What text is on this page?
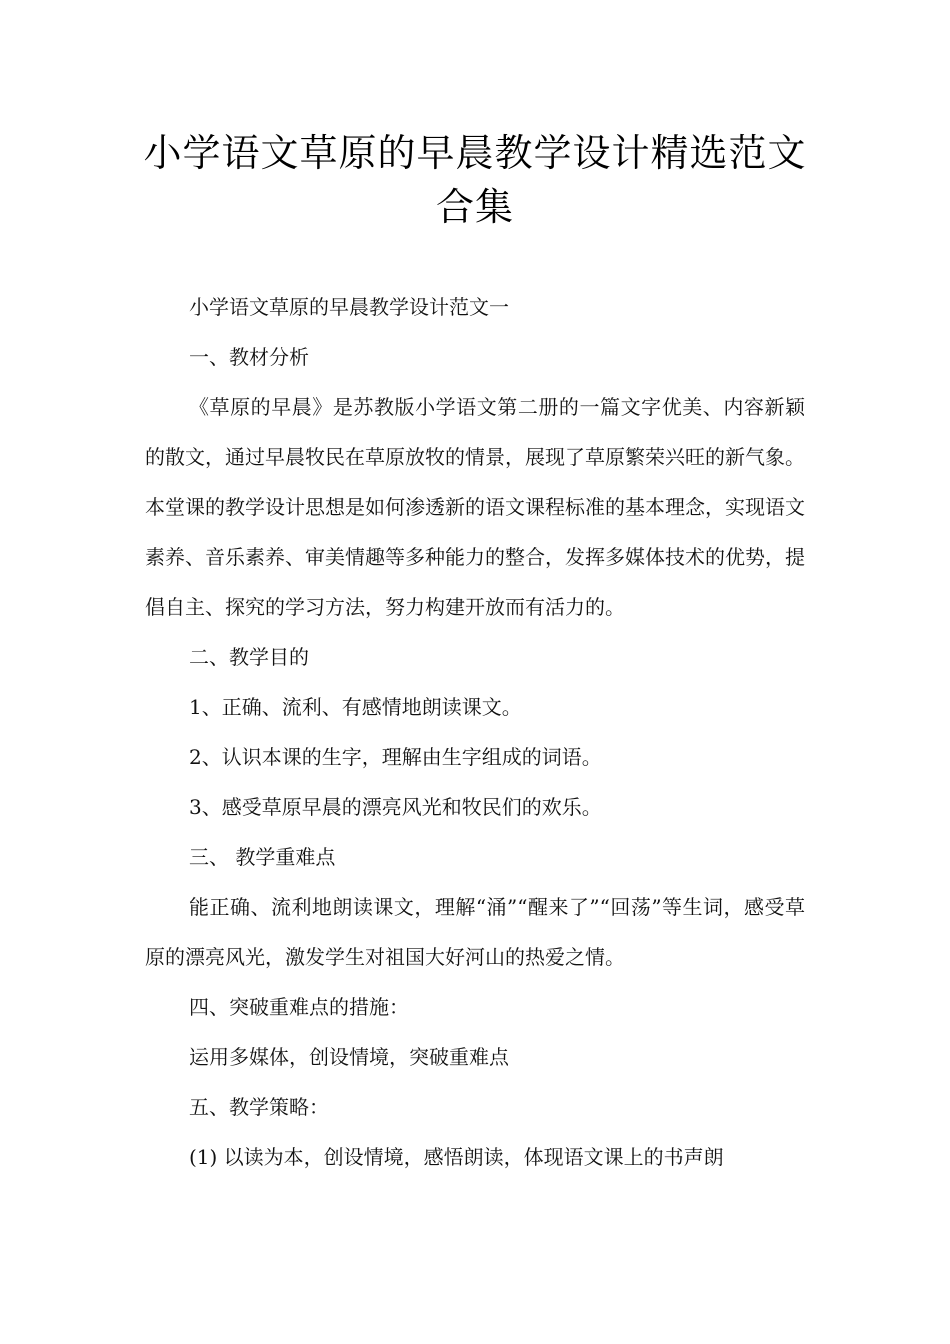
小学语文草原的早晨教学设计精选范文合集

小学语文草原的早晨教学设计范文一

一、教材分析

《草原的早晨》是苏教版小学语文第二册的一篇文字优美、内容新颖的散文，通过早晨牧民在草原放牧的情景，展现了草原繁荣兴旺的新气象。本堂课的教学设计思想是如何渗透新的语文课程标准的基本理念，实现语文素养、音乐素养、审美情趣等多种能力的整合，发挥多媒体技术的优势，提倡自主、探究的学习方法，努力构建开放而有活力的。

二、教学目的

1、正确、流利、有感情地朗读课文。

2、认识本课的生字，理解由生字组成的词语。

3、感受草原早晨的漂亮风光和牧民们的欢乐。

三、 教学重难点

能正确、流利地朗读课文，理解“涌”“醒来了”“回荡”等生词，感受草原的漂亮风光，激发学生对祖国大好河山的热爱之情。

四、突破重难点的措施：

运用多媒体，创设情境，突破重难点

五、教学策略：

(1) 以读为本，创设情境，感悟朗读，体现语文课上的书声朗
